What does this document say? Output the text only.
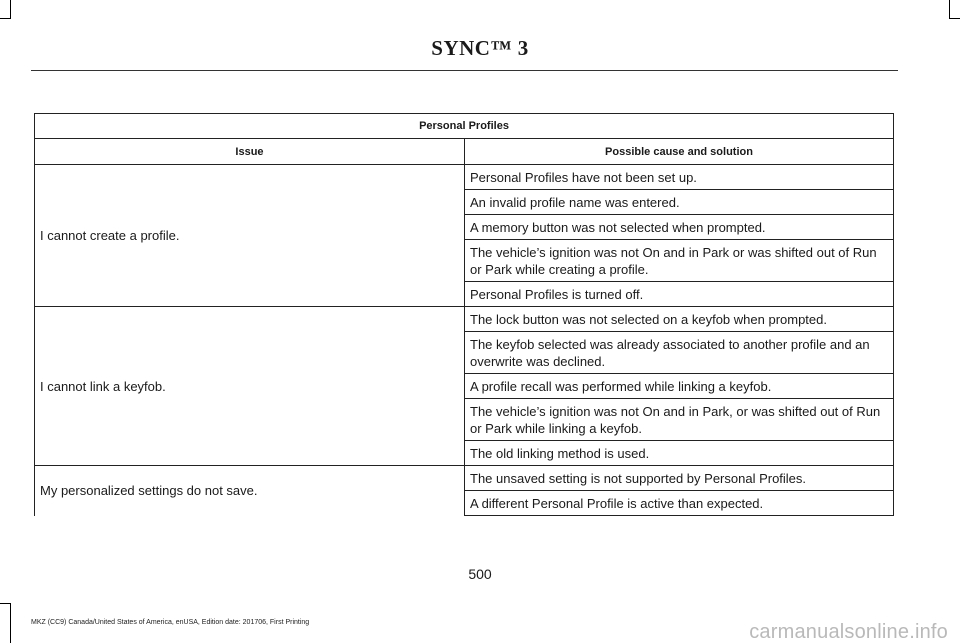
SYNC™ 3
Personal Profiles	
Issue	Possible cause and solution
I cannot create a profile.	Personal Profiles have not been set up.
	An invalid profile name was entered.
	A memory button was not selected when prompted.
	The vehicle’s ignition was not On and in Park or was shifted out of Run or Park while creating a profile.
	Personal Profiles is turned off.
I cannot link a keyfob.	The lock button was not selected on a keyfob when prompted.
	The keyfob selected was already associated to another profile and an overwrite was declined.
	A profile recall was performed while linking a keyfob.
	The vehicle’s ignition was not On and in Park, or was shifted out of Run or Park while linking a keyfob.
	The old linking method is used.
My personalized settings do not save.	The unsaved setting is not supported by Personal Profiles.
	A different Personal Profile is active than expected.
500
MKZ (CC9) Canada/United States of America, enUSA, Edition date: 201706, First Printing	carmanualsonline.info
